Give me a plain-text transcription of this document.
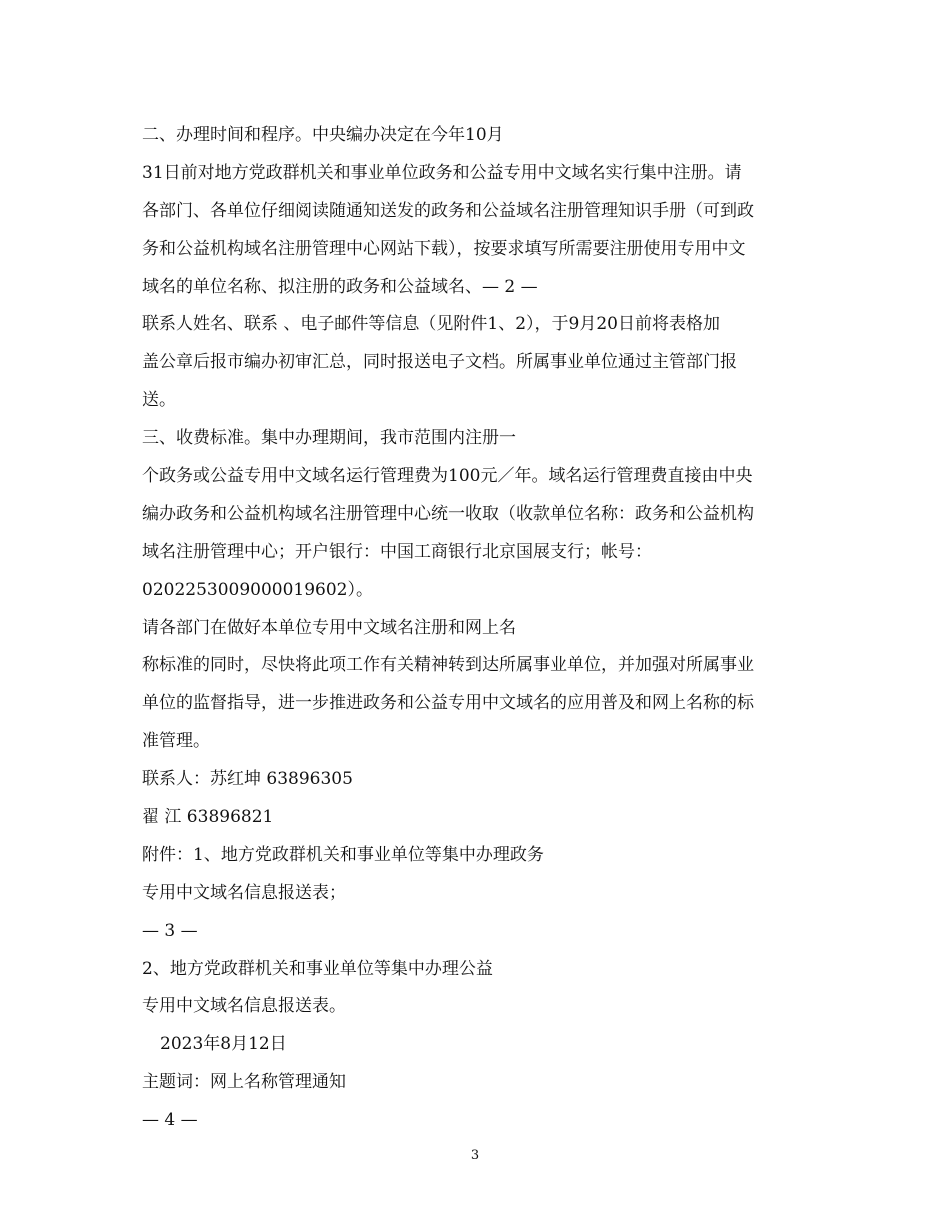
二、办理时间和程序。中央编办决定在今年10月
31日前对地方党政群机关和事业单位政务和公益专用中文域名实行集中注册。请
各部门、各单位仔细阅读随通知送发的政务和公益域名注册管理知识手册（可到政
务和公益机构域名注册管理中心网站下载），按要求填写所需要注册使用专用中文
域名的单位名称、拟注册的政务和公益域名、— 2 —
联系人姓名、联系 、电子邮件等信息（见附件1、2），于9月20日前将表格加
盖公章后报市编办初审汇总，同时报送电子文档。所属事业单位通过主管部门报
送。
三、收费标准。集中办理期间，我市范围内注册一
个政务或公益专用中文域名运行管理费为100元／年。域名运行管理费直接由中央
编办政务和公益机构域名注册管理中心统一收取（收款单位名称：政务和公益机构
域名注册管理中心；开户银行：中国工商银行北京国展支行；帐号：
0202253009000019602）。
请各部门在做好本单位专用中文域名注册和网上名
称标准的同时，尽快将此项工作有关精神转到达所属事业单位，并加强对所属事业
单位的监督指导，进一步推进政务和公益专用中文域名的应用普及和网上名称的标
准管理。
联系人：苏红坤 63896305
翟 江 63896821
附件：1、地方党政群机关和事业单位等集中办理政务
专用中文域名信息报送表；
— 3 —
2、地方党政群机关和事业单位等集中办理公益
专用中文域名信息报送表。
2023年8月12日
主题词：网上名称管理通知
— 4 —
3
